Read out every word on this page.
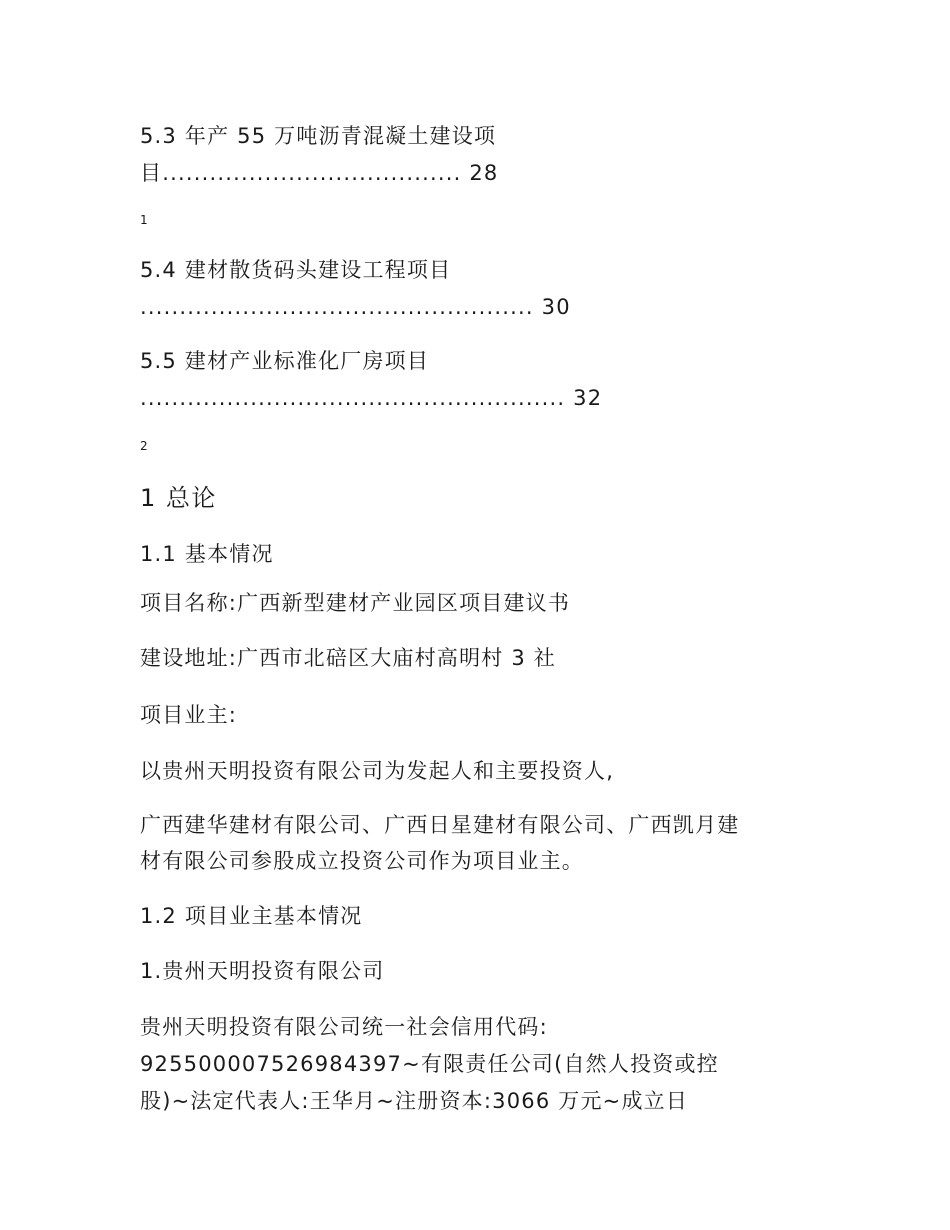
5.3 年产 55 万吨沥青混凝土建设项
目...................................... 28
1
5.4 建材散货码头建设工程项目
.................................................. 30
5.5 建材产业标准化厂房项目
...................................................... 32
2
1 总论
1.1 基本情况
项目名称:广西新型建材产业园区项目建议书
建设地址:广西市北碚区大庙村高明村 3 社
项目业主:
以贵州天明投资有限公司为发起人和主要投资人,
广西建华建材有限公司、广西日星建材有限公司、广西凯月建
材有限公司参股成立投资公司作为项目业主。
1.2 项目业主基本情况
1.贵州天明投资有限公司
贵州天明投资有限公司统一社会信用代码:
925500007526984397~有限责任公司(自然人投资或控
股)~法定代表人:王华月~注册资本:3066 万元~成立日
